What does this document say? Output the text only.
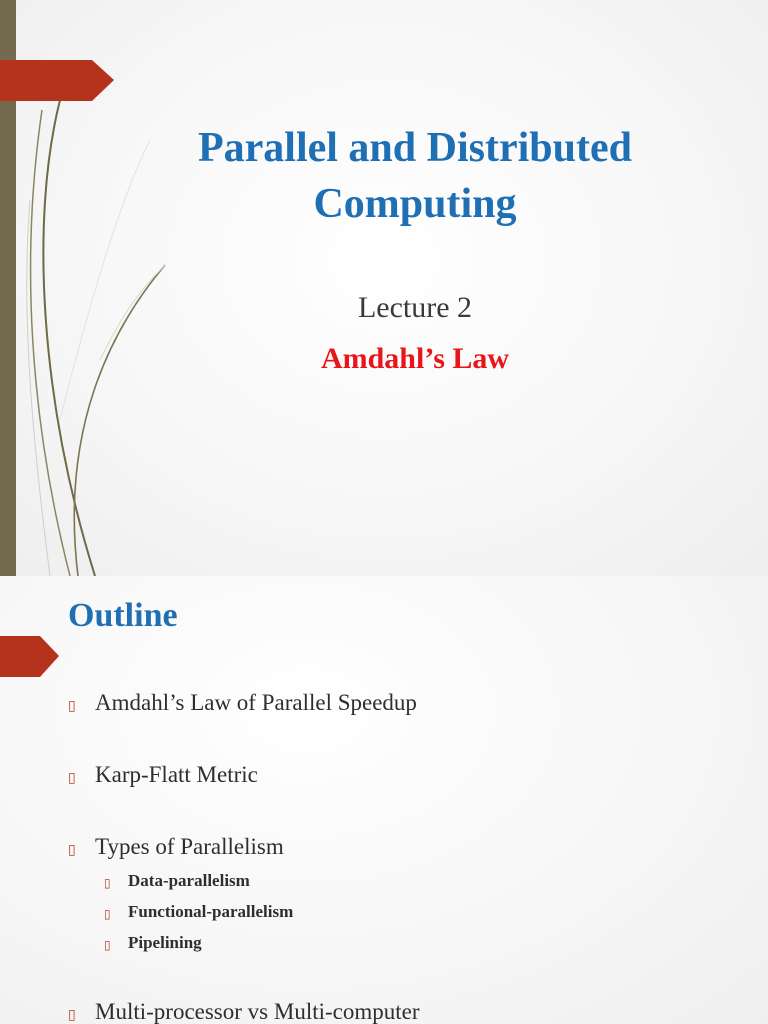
Parallel and Distributed
Computing
Lecture 2
Amdahl’s Law
Outline
▯ Amdahl’s Law of Parallel Speedup
▯ Karp-Flatt Metric
▯ Types of Parallelism
▯ Data-parallelism
▯ Functional-parallelism
▯ Pipelining
▯ Multi-processor vs Multi-computer
